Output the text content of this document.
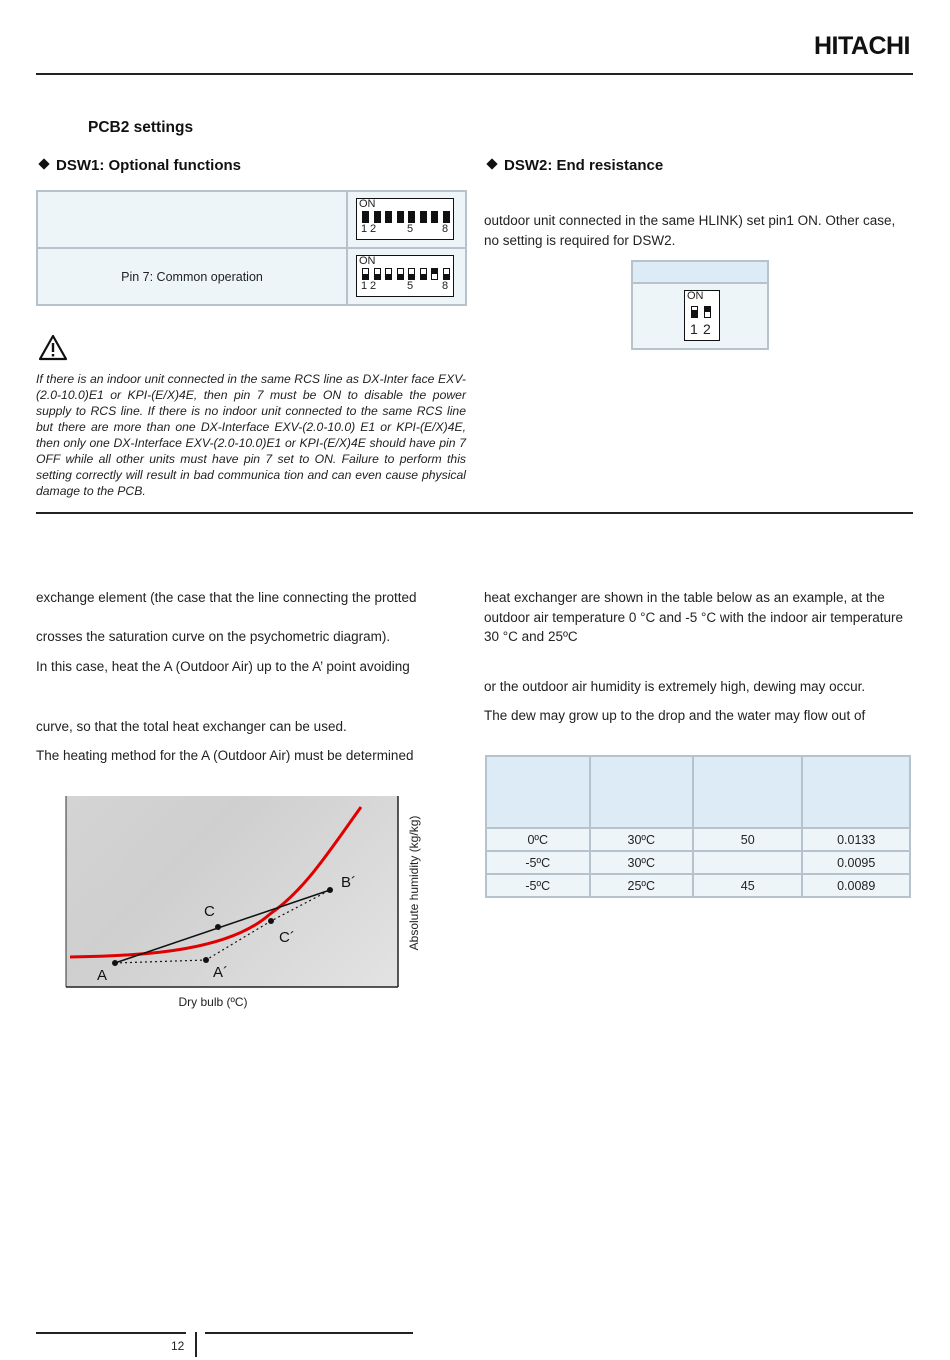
HITACHI
PCB2 settings
DSW1: Optional functions

	ON
1 2 5 8

Pin 7: Common operation	ON
1 2 5 8
If there is an indoor unit connected in the same RCS line as DX-Inter face EXV-(2.0-10.0)E1 or KPI-(E/X)4E, then pin 7 must be ON to disable the power supply to RCS line. If there is no indoor unit connected to the same RCS line but there are more than one DX-Interface EXV-(2.0-10.0) E1 or KPI-(E/X)4E, then only one DX-Interface EXV-(2.0-10.0)E1 or KPI-(E/X)4E should have pin 7 OFF while all other units must have pin 7 set to ON. Failure to perform this setting correctly will result in bad communica tion and can even cause physical damage to the PCB.
DSW2: End resistance
outdoor unit connected in the same HLINK) set pin1 ON. Other case, no setting is required for DSW2.
ON
1 2
exchange element (the case that the line connecting the protted
crosses the saturation curve on the psychometric diagram).
In this case, heat the A (Outdoor Air) up to the A’ point avoiding
curve, so that the total heat exchanger can be used.
The heating method for the A (Outdoor Air) must be determined
heat exchanger are shown in the table below as an example, at the outdoor air temperature 0 °C and -5 °C with the indoor air temperature 30 °C and 25ºC
or the outdoor air humidity is extremely high, dewing may occur.
The dew may grow up to the drop and the water may flow out of

0ºC	30ºC	50	0.0133
-5ºC	30ºC		0.0095
-5ºC	25ºC	45	0.0089
A	A´
C
C´
B´
Dry bulb (ºC)
Absolute humidity (kg/kg)
12
